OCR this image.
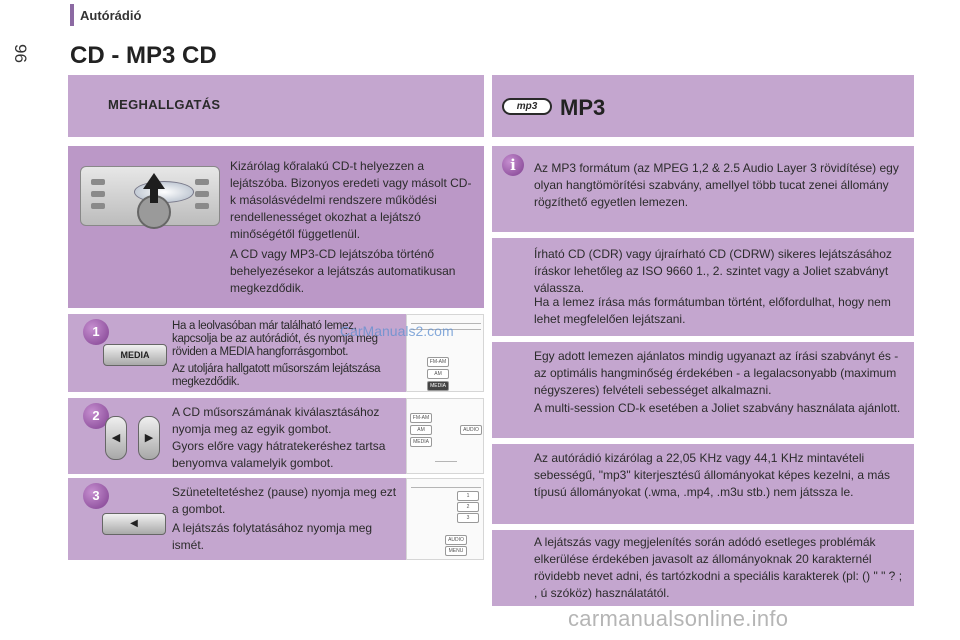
Autórádió
96 CD - MP3 CD
MEGHALLGATÁS

Kizárólag kőralakú CD-t helyezzen a lejátszóba. Bizonyos eredeti vagy másolt CD-k másolásvédelmi rendszere működési rendellenességet okozhat a lejátszó minőségétől függetlenül.

A CD vagy MP3-CD lejátszóba történő behelyezésekor a lejátszás automatikusan megkezdődik.

1
MEDIA

Ha a leolvasóban már található lemez, kapcsolja be az autórádiót, és nyomja meg röviden a MEDIA hangforrásgombot.

Az utoljára hallgatott műsorszám lejátszása megkezdődik.

FM-AM
AM
MEDIA
CarManuals2.com
2
◀	▶

A CD műsorszámának kiválasztásához nyomja meg az egyik gombot.

Gyors előre vagy hátratekeréshez tartsa benyomva valamelyik gombot.

FM-AM
AUDIO
AM
MEDIA
3
◀

Szüneteltetéshez (pause) nyomja meg ezt a gombot.

A lejátszás folytatásához nyomja meg ismét.

1
2
3
AUDIO
MENU
mp3	MP3
i	Az MP3 formátum (az MPEG 1,2 & 2.5 Audio Layer 3 rövidítése) egy olyan hangtömörítési szabvány, amellyel több tucat zenei állomány rögzíthető egyetlen lemezen.

Írható CD (CDR) vagy újraírható CD (CDRW) sikeres lejátszásához íráskor lehetőleg az ISO 9660 1., 2. szintet vagy a Joliet szabványt válassza.

Ha a lemez írása más formátumban történt, előfordulhat, hogy nem lehet megfelelően lejátszani.

Egy adott lemezen ajánlatos mindig ugyanazt az írási szabványt és - az optimális hangminőség érdekében - a legalacsonyabb (maximum négyszeres) felvételi sebességet alkalmazni.

A multi-session CD-k esetében a Joliet szabvány használata ajánlott.

Az autórádió kizárólag a 22,05 KHz vagy 44,1 KHz mintavételi sebességű, "mp3" kiterjesztésű állományokat képes kezelni, a más típusú állományokat (.wma, .mp4, .m3u stb.) nem játssza le.

A lejátszás vagy megjelenítés során adódó esetleges problémák elkerülése érdekében javasolt az állományoknak 20 karakternél rövidebb nevet adni, és tartózkodni a speciális karakterek (pl: () " " ? ; , ú szóköz) használatától.

carmanualsonline.info
